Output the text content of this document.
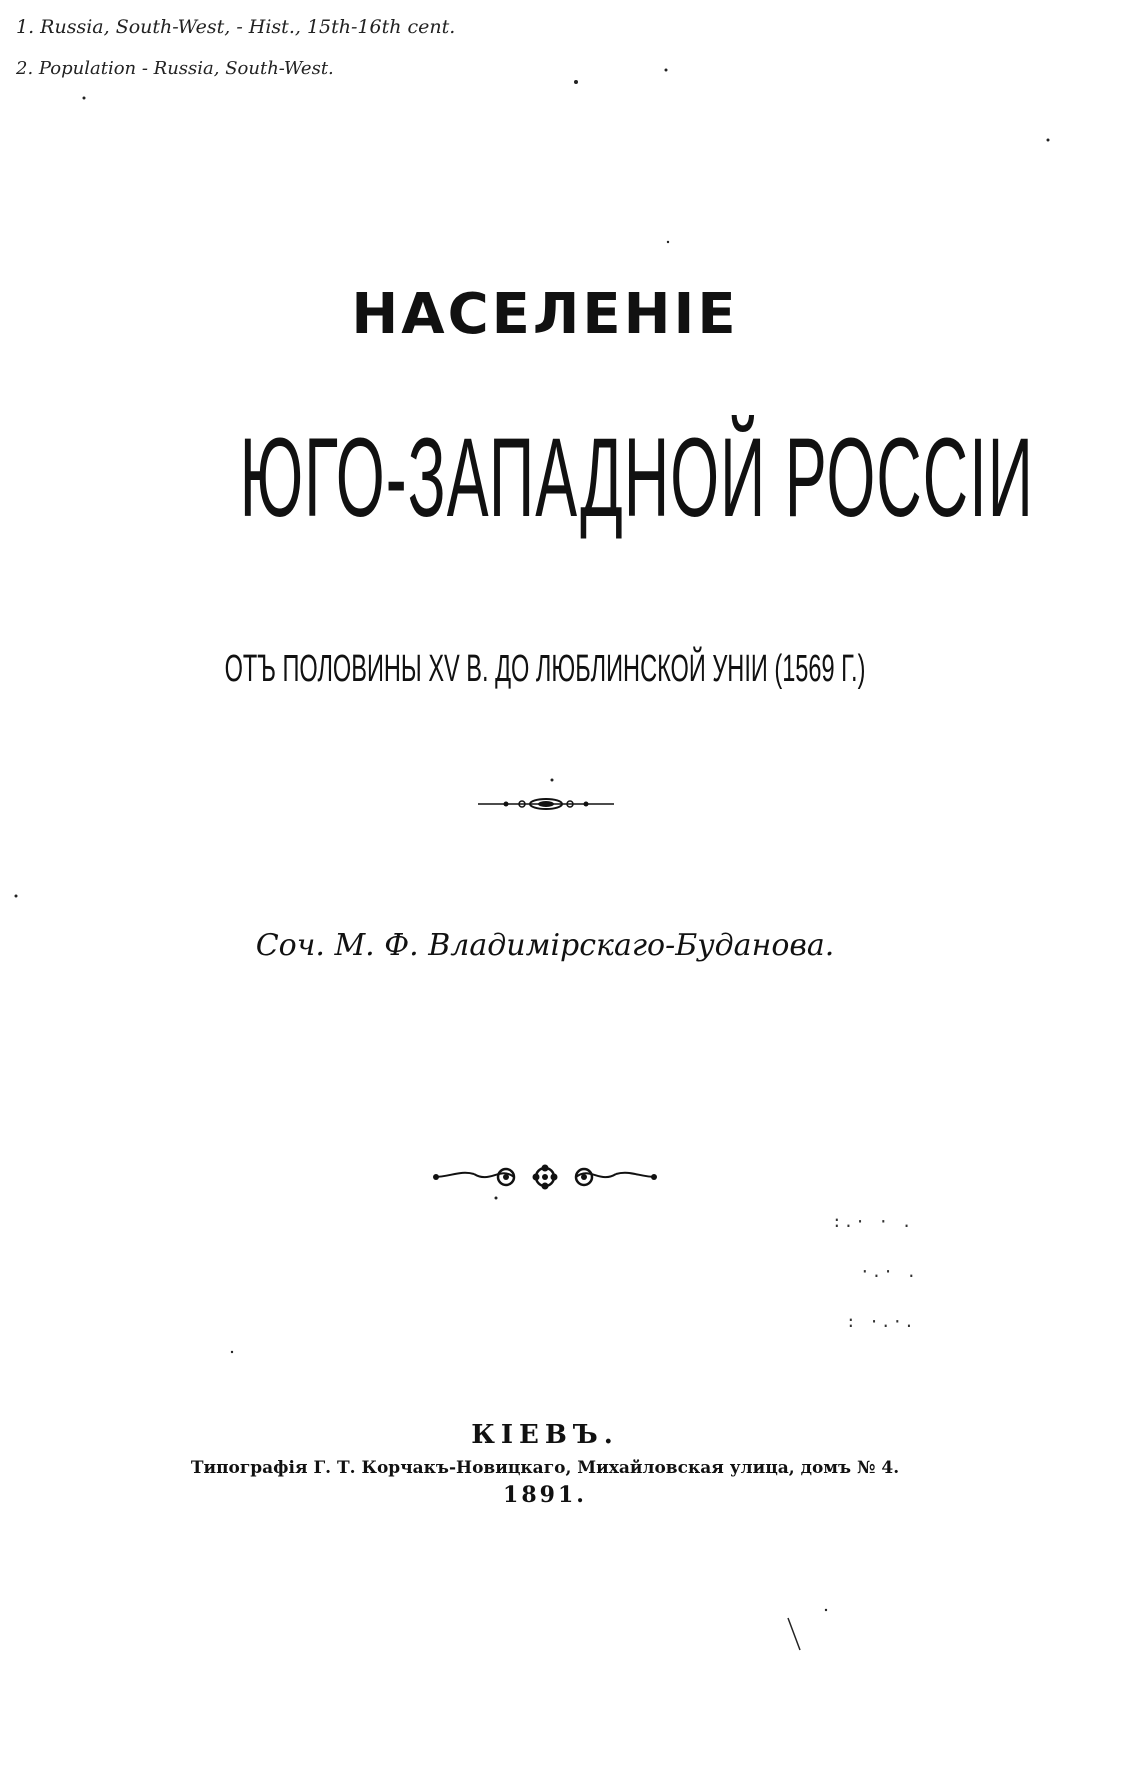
1. Russia, South-West, - Hist., 15th-16th cent.
2. Population - Russia, South-West.
НАСЕЛЕНІЕ
ЮГО-ЗАПАДНОЙ РОССІИ
ОТЪ ПОЛОВИНЫ XV В. ДО ЛЮБЛИНСКОЙ УНІИ (1569 Г.)
Соч. М. Ф. Владимірскаго-Буданова.
:.· · .
·.· .
: ·.·.
КІЕВЪ.
Типографія Г. Т. Корчакъ-Новицкаго, Михайловская улица, домъ № 4.
1891.
